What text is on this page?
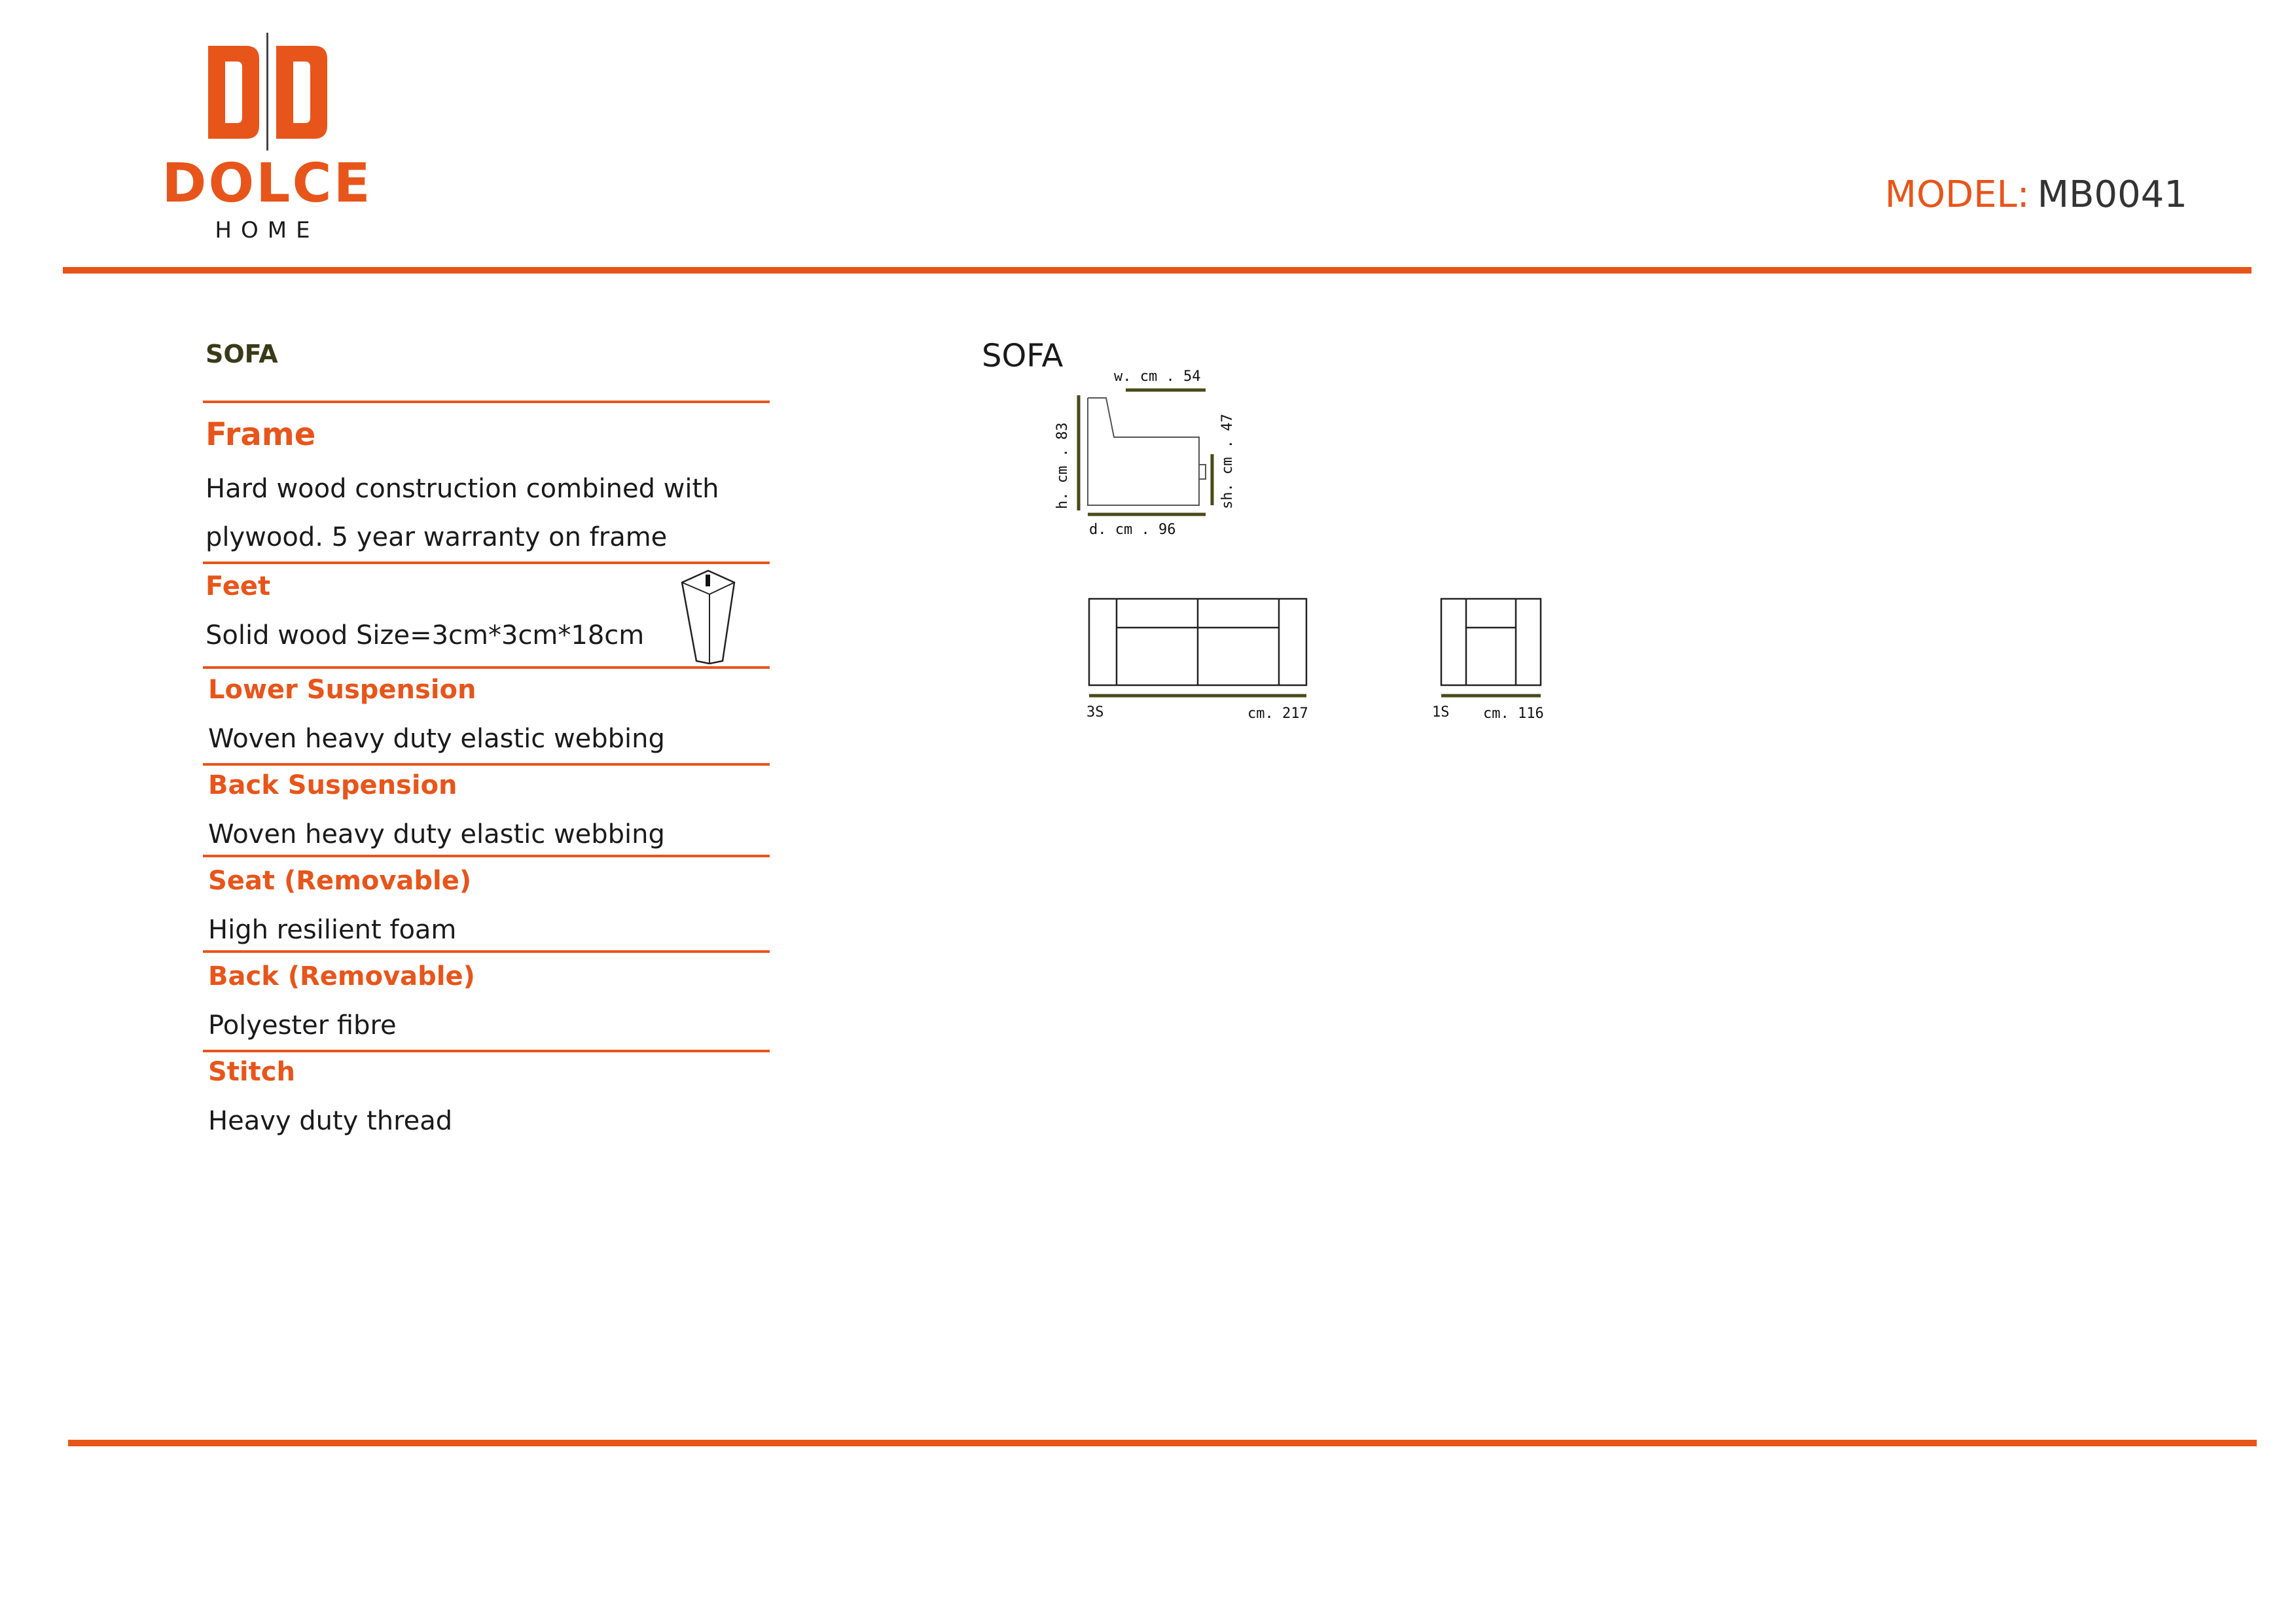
DOLCE
HOME
MODEL: MB0041
SOFA
Frame
Hard wood construction combined with
plywood. 5 year warranty on frame
Feet
Solid wood Size=3cm*3cm*18cm
Lower Suspension
Woven heavy duty elastic webbing
Back Suspension
Woven heavy duty elastic webbing
Seat (Removable)
High resilient foam
Back (Removable)
Polyester fibre
Stitch
Heavy duty thread
SOFA
w. cm . 54
h. cm . 83	sh. cm . 47
d. cm . 96
3S	cm. 217	1S cm. 116
